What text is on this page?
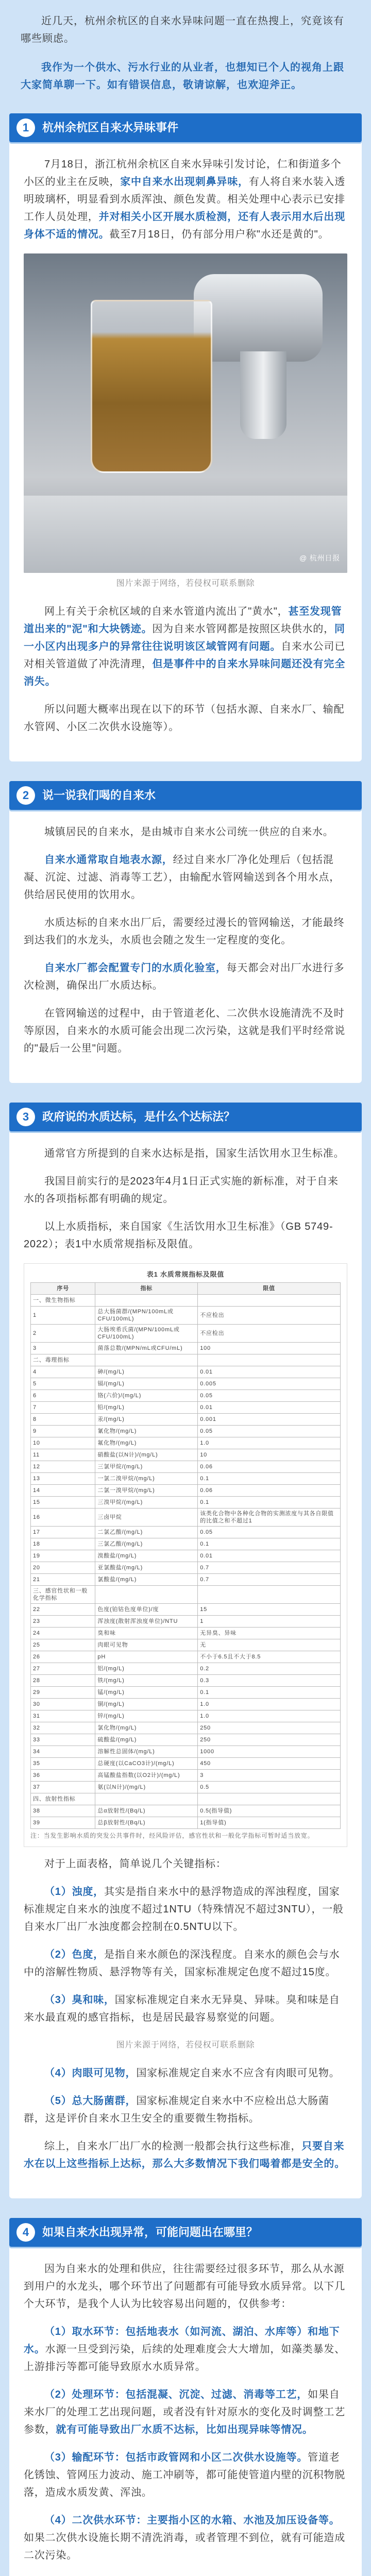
近几天，杭州余杭区的自来水异味问题一直在热搜上，究竟该有哪些顾虑。

我作为一个供水、污水行业的从业者，也想知已个人的视角上跟大家简单聊一下。如有错误信息，敬请谅解，也欢迎斧正。

1	杭州余杭区自来水异味事件

7月18日，浙江杭州余杭区自来水异味引发讨论，仁和街道多个小区的业主在反映，家中自来水出现刺鼻异味，有人将自来水装入透明玻璃杯，明显看到水质浑浊、颜色发黄。相关处理中心表示已安排工作人员处理，并对相关小区开展水质检测，还有人表示用水后出现身体不适的情况。截至7月18日，仍有部分用户称"水还是黄的"。

@ 杭州日报

图片来源于网络，若侵权可联系删除

网上有关于余杭区域的自来水管道内流出了"黄水"，甚至发现管道出来的"泥"和大块锈迹。因为自来水管网都是按照区块供水的，同一小区内出现多户的异常往往说明该区域管网有问题。自来水公司已对相关管道做了冲洗清理，但是事件中的自来水异味问题还没有完全消失。

所以问题大概率出现在以下的环节（包括水源、自来水厂、输配水管网、小区二次供水设施等）。

2	说一说我们喝的自来水

城镇居民的自来水，是由城市自来水公司统一供应的自来水。

自来水通常取自地表水源，经过自来水厂净化处理后（包括混凝、沉淀、过滤、消毒等工艺），由输配水管网输送到各个用水点，供给居民使用的饮用水。

水质达标的自来水出厂后，需要经过漫长的管网输送，才能最终到达我们的水龙头，水质也会随之发生一定程度的变化。

自来水厂都会配置专门的水质化验室，每天都会对出厂水进行多次检测，确保出厂水质达标。

在管网输送的过程中，由于管道老化、二次供水设施清洗不及时等原因，自来水的水质可能会出现二次污染，这就是我们平时经常说的"最后一公里"问题。

3	政府说的水质达标，是什么个达标法？

通常官方所提到的自来水达标是指，国家生活饮用水卫生标准。

我国目前实行的是2023年4月1日正式实施的新标准，对于自来水的各项指标都有明确的规定。

以上水质指标，来自国家《生活饮用水卫生标准》（GB 5749-2022）；表1中水质常规指标及限值。

表1 水质常规指标及限值
序号	指标	限值
一、微生物指标		
1	总大肠菌群/(MPN/100mL或CFU/100mL)	不应检出
2	大肠埃希氏菌/(MPN/100mL或CFU/100mL)	不应检出
3	菌落总数/(MPN/mL或CFU/mL)	100
二、毒理指标		
4	砷/(mg/L)	0.01
5	镉/(mg/L)	0.005
6	铬(六价)/(mg/L)	0.05
7	铅/(mg/L)	0.01
8	汞/(mg/L)	0.001
9	氰化物/(mg/L)	0.05
10	氟化物/(mg/L)	1.0
11	硝酸盐(以N计)/(mg/L)	10
12	三氯甲烷/(mg/L)	0.06
13	一氯二溴甲烷/(mg/L)	0.1
14	二氯一溴甲烷/(mg/L)	0.06
15	三溴甲烷/(mg/L)	0.1
16	三卤甲烷	该类化合物中各种化合物的实测浓度与其各自限值的比值之和不超过1
17	二氯乙酸/(mg/L)	0.05
18	三氯乙酸/(mg/L)	0.1
19	溴酸盐/(mg/L)	0.01
20	亚氯酸盐/(mg/L)	0.7
21	氯酸盐/(mg/L)	0.7
三、感官性状和一般化学指标		
22	色度(铂钴色度单位)/度	15
23	浑浊度(散射浑浊度单位)/NTU	1
24	臭和味	无异臭、异味
25	肉眼可见物	无
26	pH	不小于6.5且不大于8.5
27	铝/(mg/L)	0.2
28	铁/(mg/L)	0.3
29	锰/(mg/L)	0.1
30	铜/(mg/L)	1.0
31	锌/(mg/L)	1.0
32	氯化物/(mg/L)	250
33	硫酸盐/(mg/L)	250
34	溶解性总固体/(mg/L)	1000
35	总硬度(以CaCO3计)/(mg/L)	450
36	高锰酸盐指数(以O2计)/(mg/L)	3
37	氨(以N计)/(mg/L)	0.5
四、放射性指标		
38	总α放射性/(Bq/L)	0.5(指导值)
39	总β放射性/(Bq/L)	1(指导值)
注：当发生影响水质的突发公共事件时，经风险评估，感官性状和一般化学指标可暂时适当放宽。

对于上面表格，简单说几个关键指标：

（1）浊度，其实是指自来水中的悬浮物造成的浑浊程度，国家标准规定自来水的浊度不超过1NTU（特殊情况不超过3NTU），一般自来水厂出厂水浊度都会控制在0.5NTU以下。

（2）色度，是指自来水颜色的深浅程度。自来水的颜色会与水中的溶解性物质、悬浮物等有关，国家标准规定色度不超过15度。

（3）臭和味，国家标准规定自来水无异臭、异味。臭和味是自来水最直观的感官指标，也是居民最容易察觉的问题。

图片来源于网络，若侵权可联系删除

（4）肉眼可见物，国家标准规定自来水不应含有肉眼可见物。

（5）总大肠菌群，国家标准规定自来水中不应检出总大肠菌群，这是评价自来水卫生安全的重要微生物指标。

综上，自来水厂出厂水的检测一般都会执行这些标准，只要自来水在以上这些指标上达标，那么大多数情况下我们喝着都是安全的。

4	如果自来水出现异常，可能问题出在哪里？

因为自来水的处理和供应，往往需要经过很多环节，那么从水源到用户的水龙头，哪个环节出了问题都有可能导致水质异常。以下几个大环节，是我个人认为比较容易出问题的，仅供参考：

（1）取水环节：包括地表水（如河流、湖泊、水库等）和地下水。水源一旦受到污染，后续的处理难度会大大增加，如藻类暴发、上游排污等都可能导致原水水质异常。

（2）处理环节：包括混凝、沉淀、过滤、消毒等工艺，如果自来水厂的处理工艺出现问题，或者没有针对原水的变化及时调整工艺参数，就有可能导致出厂水质不达标，比如出现异味等情况。

（3）输配环节：包括市政管网和小区二次供水设施等。管道老化锈蚀、管网压力波动、施工冲刷等，都可能使管道内壁的沉积物脱落，造成水质发黄、浑浊。

（4）二次供水环节：主要指小区的水箱、水池及加压设备等。如果二次供水设施长期不清洗消毒，或者管理不到位，就有可能造成二次污染。
